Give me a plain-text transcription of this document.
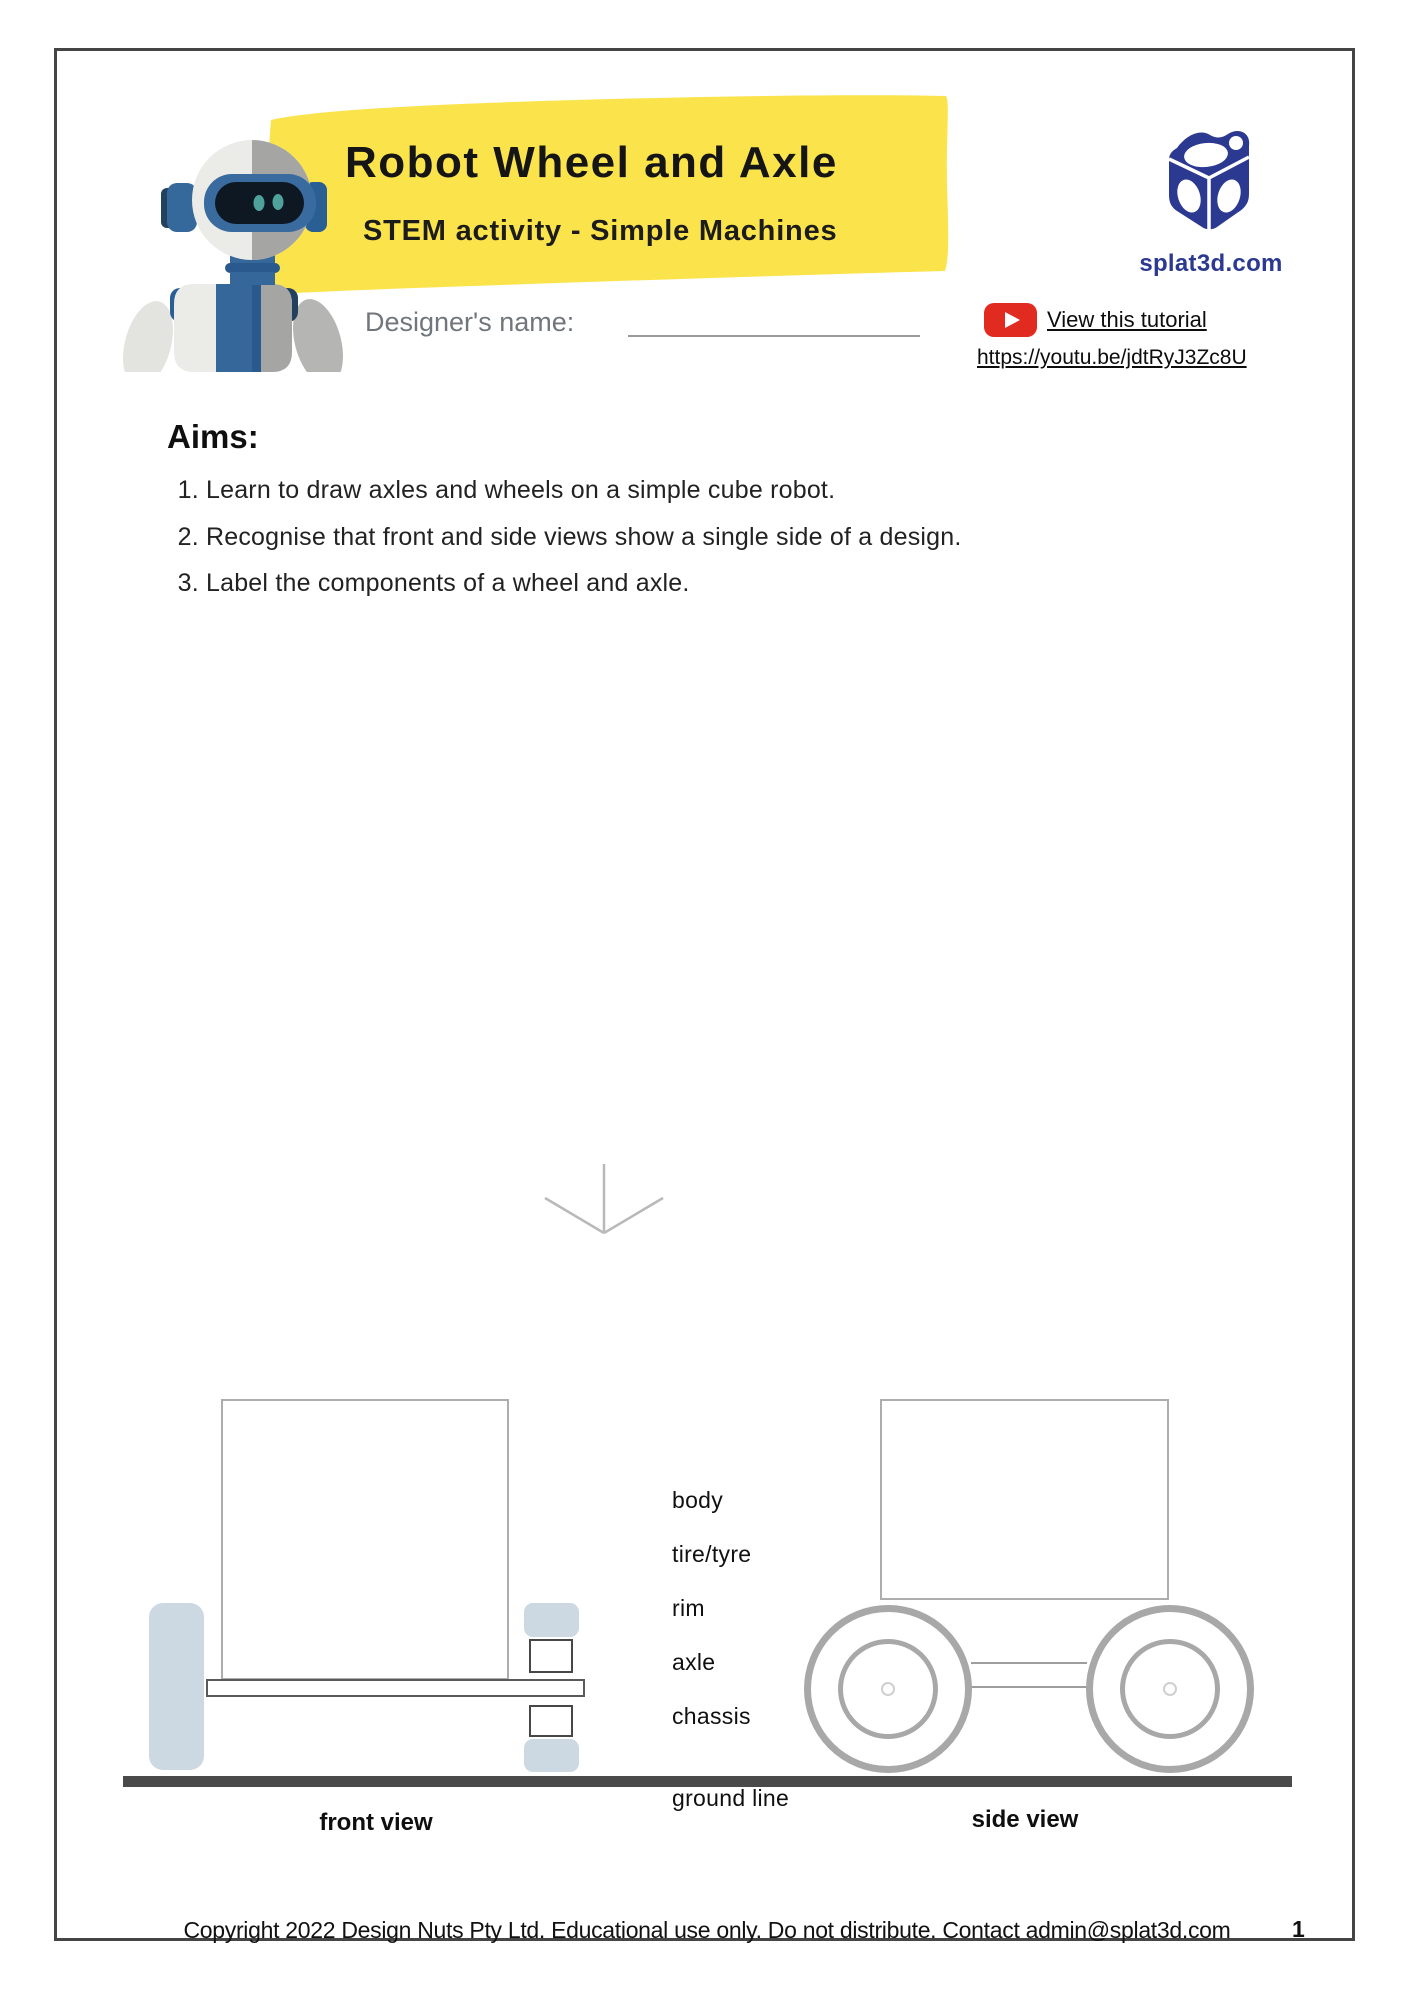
Robot Wheel and Axle
STEM activity - Simple Machines
splat3d.com
Designer's name:	View this tutorial
https://youtu.be/jdtRyJ3Zc8U
Aims:
1. Learn to draw axles and wheels on a simple cube robot.
2. Recognise that front and side views show a single side of a design.
3. Label the components of a wheel and axle.
body
tire/tyre
rim
axle
chassis
ground line
front view	side view
Copyright 2022 Design Nuts Pty Ltd. Educational use only. Do not distribute. Contact admin@splat3d.com	1
